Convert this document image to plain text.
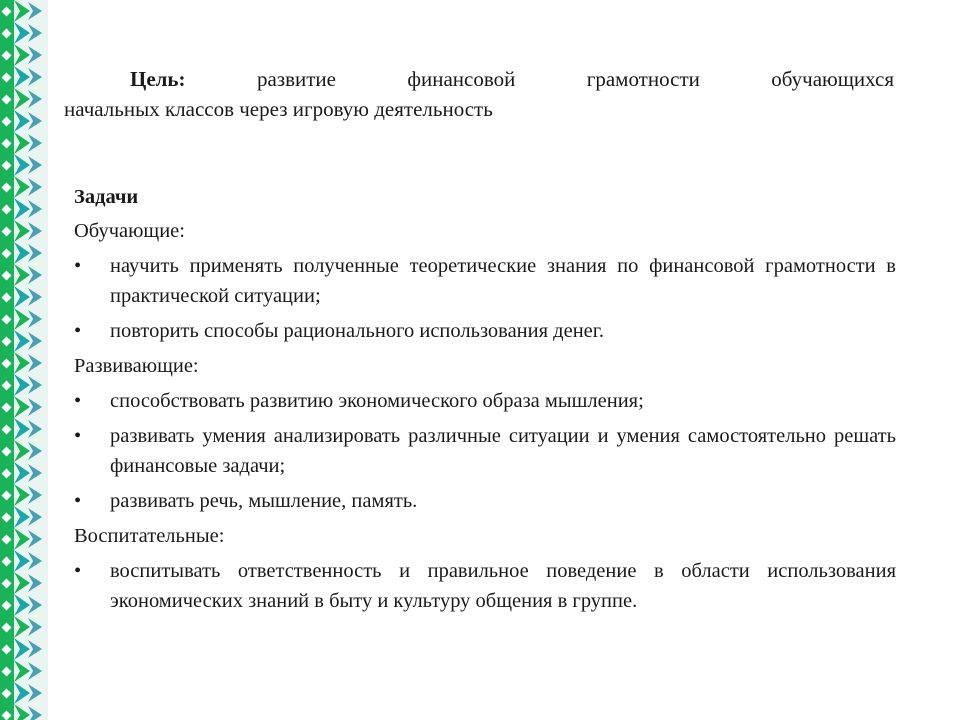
Цель:	развитие финансовой грамотности обучающихся
начальных классов через игровую деятельность
Задачи
Обучающие:
•	научить применять полученные теоретические знания по финансовой грамотности в практической ситуации;
•	повторить способы рационального использования денег.
Развивающие:
•	способствовать развитию экономического образа мышления;
•	развивать умения анализировать различные ситуации и умения самостоятельно решать финансовые задачи;
•	развивать речь, мышление, память.
Воспитательные:
•	воспитывать ответственность и правильное поведение в области использования экономических знаний в быту и культуру общения в группе.
